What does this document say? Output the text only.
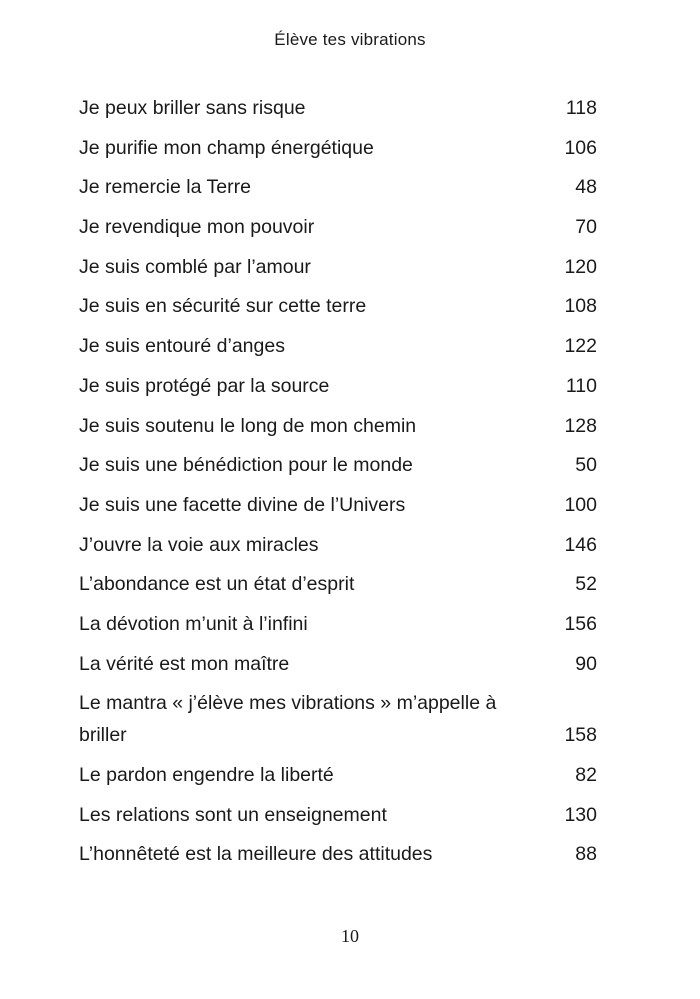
Élève tes vibrations
Je peux briller sans risque	118
Je purifie mon champ énergétique	106
Je remercie la Terre	48
Je revendique mon pouvoir	70
Je suis comblé par l’amour	120
Je suis en sécurité sur cette terre	108
Je suis entouré d’anges	122
Je suis protégé par la source	110
Je suis soutenu le long de mon chemin	128
Je suis une bénédiction pour le monde	50
Je suis une facette divine de l’Univers	100
J’ouvre la voie aux miracles	146
L’abondance est un état d’esprit	52
La dévotion m’unit à l’infini	156
La vérité est mon maître	90
Le mantra « j’élève mes vibrations » m’appelle à briller	158
Le pardon engendre la liberté	82
Les relations sont un enseignement	130
L’honnêteté est la meilleure des attitudes	88
10
